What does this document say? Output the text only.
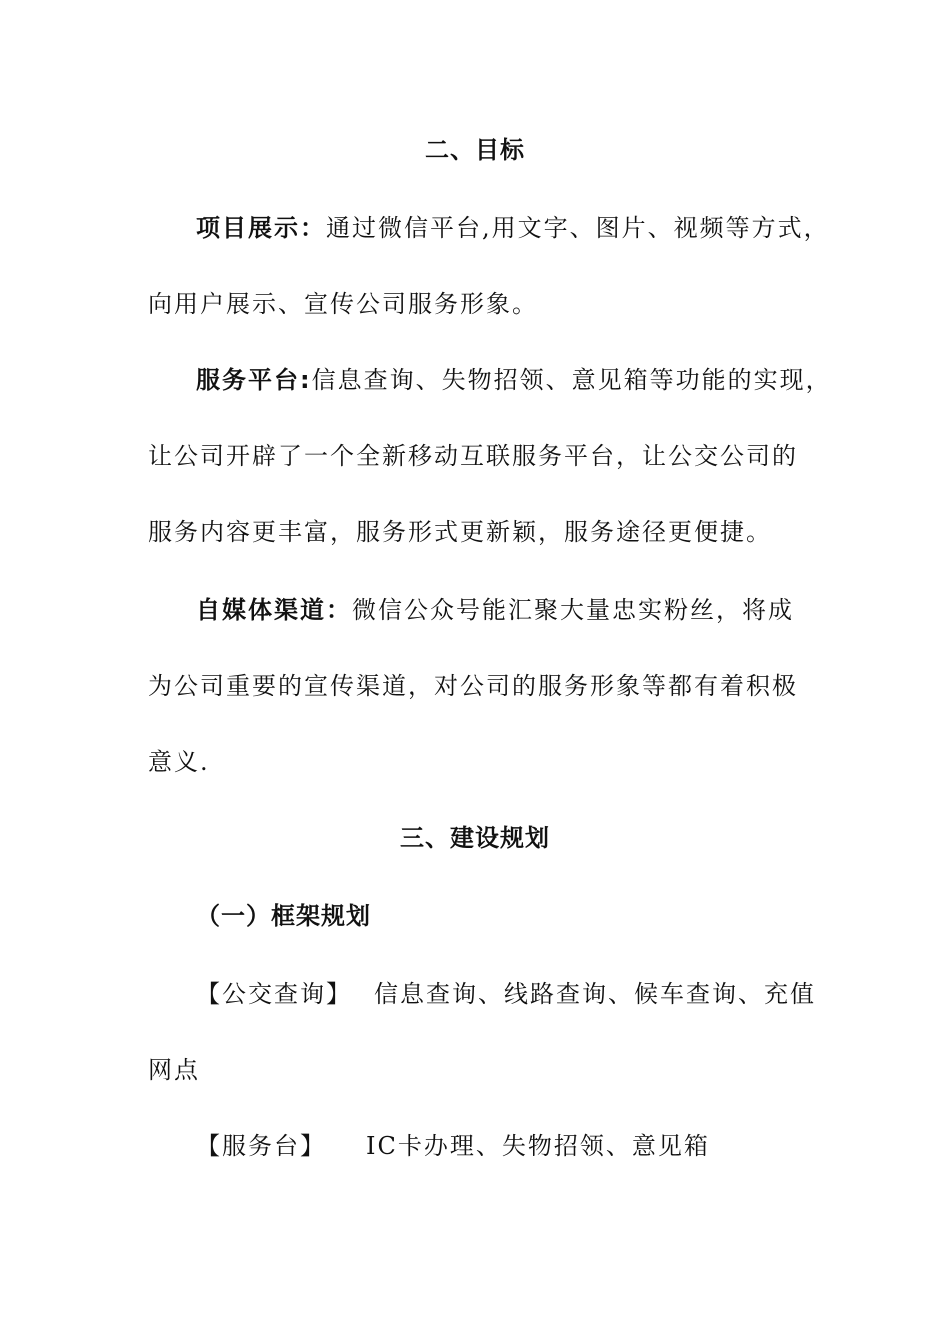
二、目标
项目展示：通过微信平台,用文字、图片、视频等方式，
向用户展示、宣传公司服务形象。
服务平台:信息查询、失物招领、意见箱等功能的实现，
让公司开辟了一个全新移动互联服务平台，让公交公司的
服务内容更丰富，服务形式更新颖，服务途径更便捷。
自媒体渠道：微信公众号能汇聚大量忠实粉丝，将成
为公司重要的宣传渠道，对公司的服务形象等都有着积极
意义.
三、建设规划
（一）框架规划
【公交查询】 信息查询、线路查询、候车查询、充值
网点
【服务台】 IC卡办理、失物招领、意见箱
